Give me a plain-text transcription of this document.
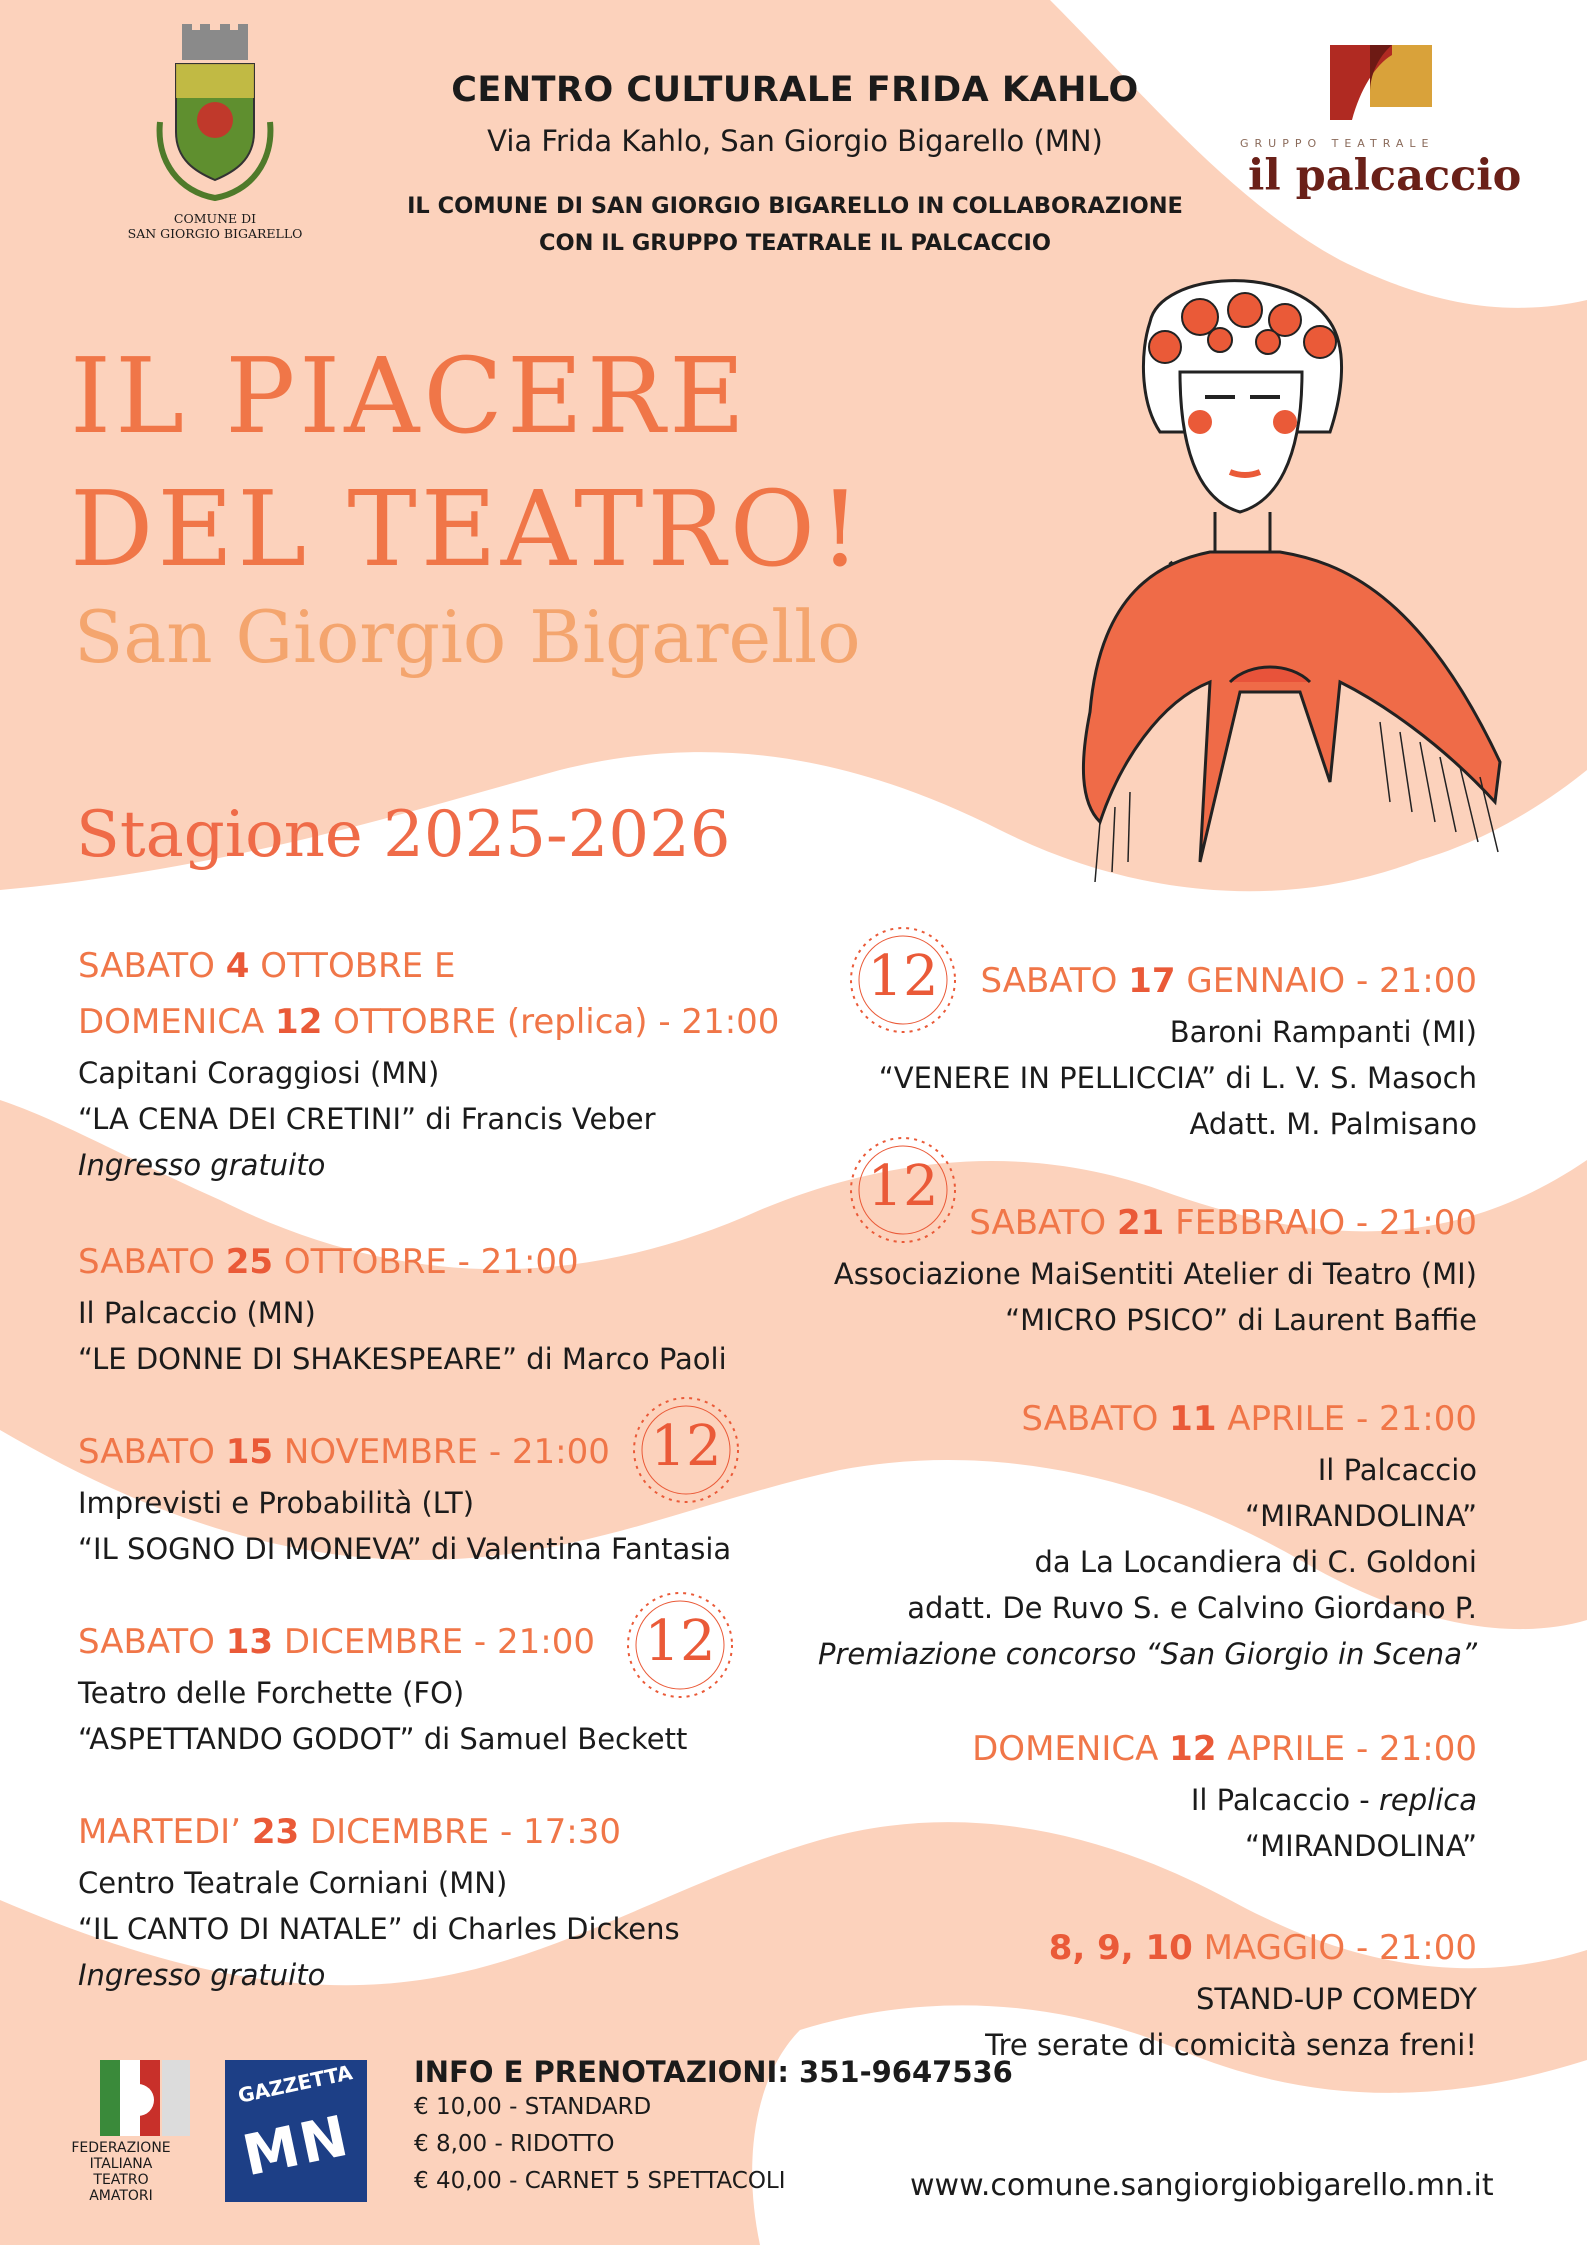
COMUNE DI
SAN GIORGIO BIGARELLO
CENTRO CULTURALE FRIDA KAHLO
Via Frida Kahlo, San Giorgio Bigarello (MN)
IL COMUNE DI SAN GIORGIO BIGARELLO IN COLLABORAZIONE
CON IL GRUPPO TEATRALE IL PALCACCIO
GRUPPO TEATRALE
il palcaccio
IL PIACERE
DEL TEATRO!
San Giorgio Bigarello
Stagione 2025-2026
SABATO 4 OTTOBRE E
DOMENICA 12 OTTOBRE (replica) - 21:00
Capitani Coraggiosi (MN)
“LA CENA DEI CRETINI” di Francis Veber
Ingresso gratuito
SABATO 25 OTTOBRE - 21:00
Il Palcaccio (MN)
“LE DONNE DI SHAKESPEARE” di Marco Paoli
SABATO 15 NOVEMBRE - 21:00
Imprevisti e Probabilità (LT)
“IL SOGNO DI MONEVA” di Valentina Fantasia
SABATO 13 DICEMBRE - 21:00
Teatro delle Forchette (FO)
“ASPETTANDO GODOT” di Samuel Beckett
MARTEDI’ 23 DICEMBRE - 17:30
Centro Teatrale Corniani (MN)
“IL CANTO DI NATALE” di Charles Dickens
Ingresso gratuito
SABATO 17 GENNAIO - 21:00
Baroni Rampanti (MI)
“VENERE IN PELLICCIA” di L. V. S. Masoch
Adatt. M. Palmisano
SABATO 21 FEBBRAIO - 21:00
Associazione MaiSentiti Atelier di Teatro (MI)
“MICRO PSICO” di Laurent Baffie
SABATO 11 APRILE - 21:00
Il Palcaccio
“MIRANDOLINA”
da La Locandiera di C. Goldoni
adatt. De Ruvo S. e Calvino Giordano P.
Premiazione concorso “San Giorgio in Scena”
DOMENICA 12 APRILE - 21:00
Il Palcaccio - replica
“MIRANDOLINA”
8, 9, 10 MAGGIO - 21:00
STAND-UP COMEDY
Tre serate di comicità senza freni!
12
12
12
12
FEDERAZIONE
ITALIANA
TEATRO
AMATORI
GAZZETTA
MN
INFO E PRENOTAZIONI: 351-9647536
€ 10,00 - STANDARD
€ 8,00 - RIDOTTO
€ 40,00 - CARNET 5 SPETTACOLI	www.comune.sangiorgiobigarello.mn.it
